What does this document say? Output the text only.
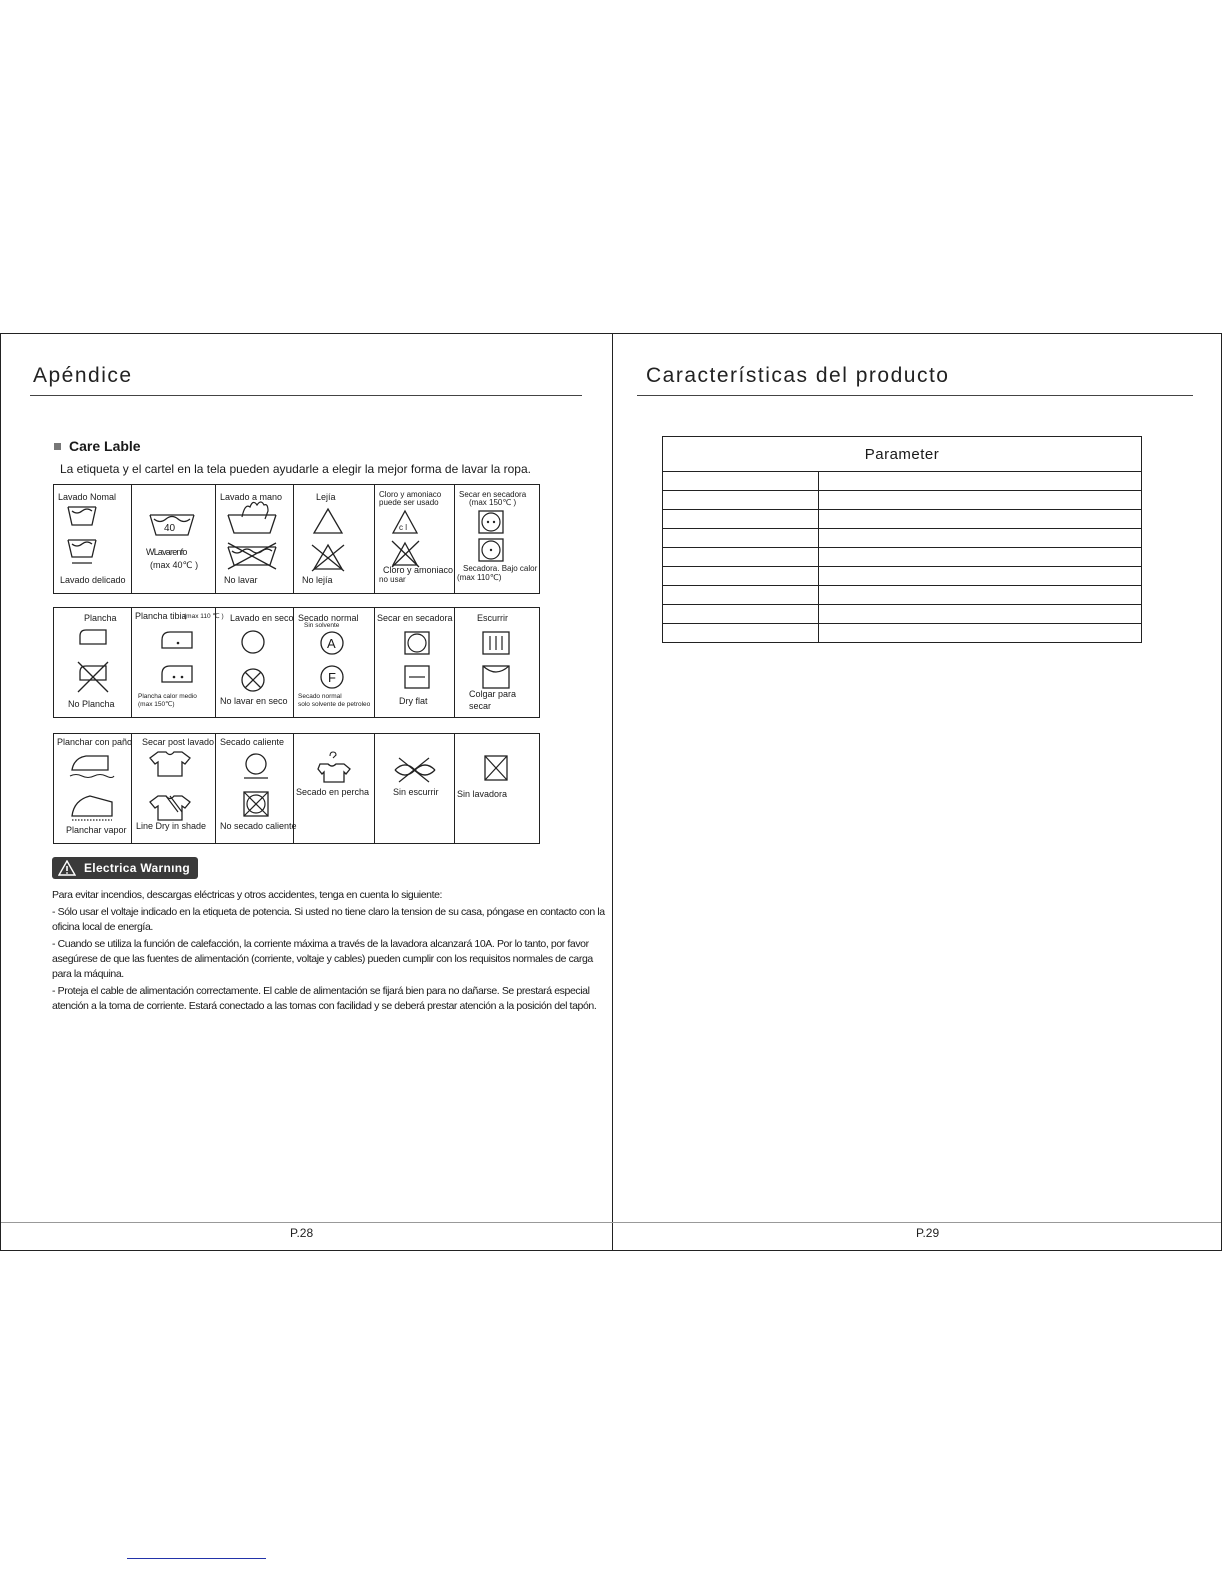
Apéndice
Care Lable
La etiqueta y el cartel en la tela pueden ayudarle a elegir la mejor forma de lavar la ropa.
Lavado Nomal
Lavado delicado

40
WLavarenfo
(max 40℃ )

Lavado a mano
No lavar

Lejía
No lejía

Cloro y amoniaco
puede ser usado
c l
Cloro y amoniaco
no usar

Secar en secadora
(max 150℃ )
Secadora. Bajo calor
(max 110℃)
Plancha
No Plancha

Plancha tibia
(max 110 ℃ )
Plancha calor medio
(max 150℃)

Lavado en seco
No lavar en seco

Secado normal
Sin solvente
A
F
Secado normal
solo solvente de petroleo

Secar en secadora
Dry flat

Escurrir
Colgar para
secar
Planchar con paño
Planchar vapor

Secar post lavado
Line Dry in shade

Secado caliente
No secado caliente

Secado en percha	Sin escurrir	Sin lavadora
Electrica Warnıng

Para evitar incendios, descargas eléctricas y otros accidentes, tenga en cuenta lo siguiente:

- Sólo usar el voltaje indicado en la etiqueta de potencia. Si usted no tiene claro la tension de su casa, póngase en contacto con la oficina local de energía.

- Cuando se utiliza la función de calefacción, la corriente máxima a través de la lavadora alcanzará 10A. Por lo tanto, por favor asegúrese de que las fuentes de alimentación (corriente, voltaje y cables) pueden cumplir con los requisitos normales de carga para la máquina.

- Proteja el cable de alimentación correctamente. El cable de alimentación se fijará bien para no dañarse. Se prestará especial atención a la toma de corriente. Estará conectado a las tomas con facilidad y se deberá prestar atención a la posición del tapón.

P.28
Características del producto
P.29
Parameter	
